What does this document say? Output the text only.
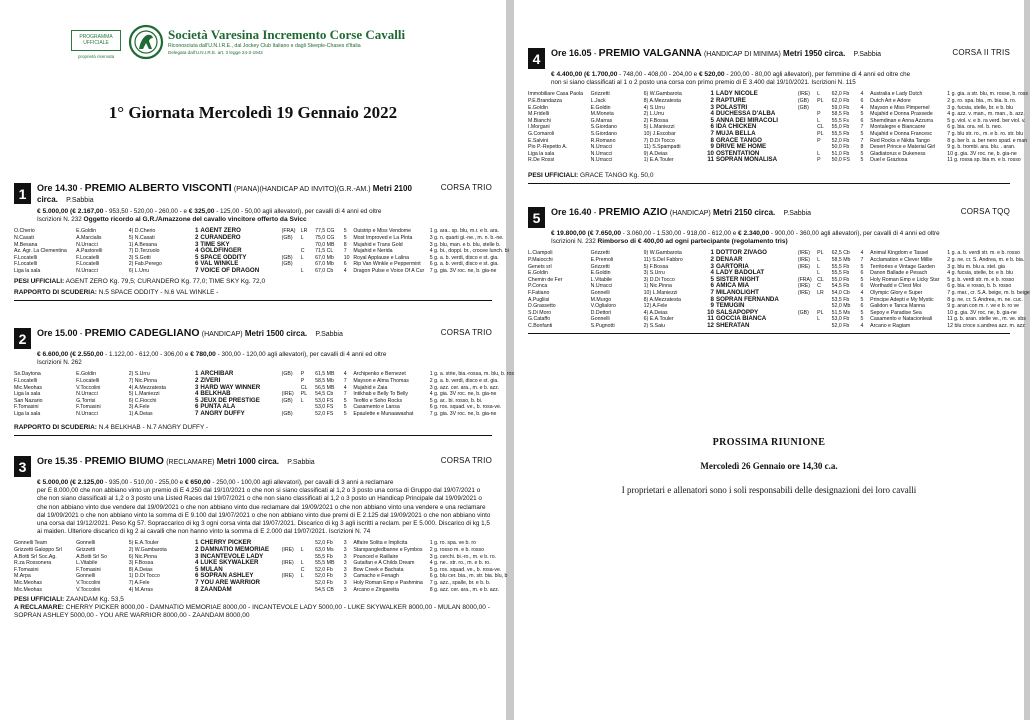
PROGRAMMA UFFICIALE
proprietà riservata
Società Varesina Incremento Corse Cavalli
Riconosciuta dall'U.N.I.R.E., dal Jockey Club Italiano e dagli Steeple-Chases d'Italia
Delegata dall'U.N.I.R.E. art. 3 legge 24-3-1942
1° Giornata Mercoledì 19 Gennaio 2022
1	Ore 14.30 - PREMIO ALBERTO VISCONTI (PIANA)(HANDICAP AD INVITO)(G.R.-AM.) Metri 2100 circa. P.Sabbia
CORSA TRIO
€ 5.000,00 (€ 2.167,00 - 953,50 - 520,00 - 260,00 - e € 325,00 - 125,00 - 50,00 agli allevatori), per cavalli di 4 anni ed oltre
Iscrizioni N. 232 Oggetto ricordo al G.R./Amazzone del cavallo vincitore offerto da Svicc
O.Cherio	E.Goldin	4) D.Cherio	1	AGENT ZERO	(FRA)	LR	77,5 CG	5	Ouistrip e Miss Vendome	1 g. ara.. sp. blu, m.r. e b. ara.
N.Casati	A.Marcialis	5) N.Casati	2	CURANDERO	(GB)	L	75,0 CG	5	Most Improved e La Pinta	3 g. n. quarti gi.-ne., m. n. b.-ne.
M.Besana	N.Urracci	1) A.Besana	3	TIME SKY			70,0 MB	8	Mujahid e Trans Gold	3 g. blu, man. e b. blu, stelle b.
Az. Agr. La Clementina	A.Pastorelli	7) D.Terzuolo	4	GOLDFINGER		C	71,5 CL	7	Mujahid e Nerida	4 g. bi., doppi. br., crocee lunch. bi
F.Locatelli	F.Locatelli	3) S.Gotti	5	SPACE ODDITY	(GB)	L	67,0 Mb	10	Royal Applause e Lalina	5 g. a. b. verdi, disco e st. gia.
F.Locatelli	F.Locatelli	2) Fab.Perego	6	VAL WINKLE	(GB)		67,0 Mb	6	Rip Van Winkle e Peppermint	6 g. a. b. verdi, disco e st. gia.
Liga la sala	N.Urracci	6) L.Urru	7	VOICE OF DRAGON		L	67,0 Cb	4	Dragon Pulse e Voice Of A Cur	7 g. gia. 3V roc. ne, b. gia-ne
PESI UFFICIALI: AGENT ZERO Kg. 79,5; CURANDERO Kg. 77,0; TIME SKY Kg. 72,0
RAPPORTO DI SCUDERIA: N.5 SPACE ODDITY - N.6 VAL WINKLE -
2	Ore 15.00 - PREMIO CADEGLIANO (HANDICAP) Metri 1500 circa. P.Sabbia	CORSA TRIO
€ 6.600,00 (€ 2.550,00 - 1.122,00 - 612,00 - 306,00 e € 780,00 - 300,00 - 120,00 agli allevatori), per cavalli di 4 anni ed oltre
Iscrizioni N. 262
Ss.Daytona	E.Goldin	2) S.Urru	1	ARCHIBAR	(GB)	P	61,5 MB	4	Archipenko e Bernezet	1 g. a. strie, bia.-rossa, m. blu, b. ros
F.Locatelli	F.Locatelli	7) Nic.Pinna	2	ZIVERI		P	58,5 Mb	7	Mayson e Alma Thomas	2 g. a. b. verdi, disco e st. gia.
Mic.Meohas	V.Toccolini	4) A.Mezzatesta	3	HARD WAY WINNER		CL	56,5 MB	4	Mujahid e Zaia	3 g. azz. cer. ara., m. e b. azz.
Liga la sala	N.Urracci	5) L.Maniezzi	4	BELKHAB	(IRE)	PL	54,5 Cb	7	Intikhab e Belly To Belly	4 g. gia. 3V roc. ne, b. gia-ne
San Nazario	G.Torrisi	6) C.Fiocchi	5	JEUX DE PRESTIGE	(GB)	L	53,0 FS	5	Teofilo e Soho Rocks	5 g. ar.. bi. rosso, b. bi.
F.Tomasini	F.Tomasini	3) A.Fele	6	PUNTA ALA			53,0 FS	5	Casamento e Lansa	6 g. ros. squad. ve., b. rosa-ve.
Liga la sala	N.Urracci	1) A.Deias	7	ANGRY DUFFY	(GB)		52,0 FS	5	Epaulette e Munaawashat	7 g. gia. 3V roc. ne, b. gia-ne
RAPPORTO DI SCUDERIA: N.4 BELKHAB - N.7 ANGRY DUFFY -
3	Ore 15.35 - PREMIO BIUMO (RECLAMARE) Metri 1000 circa. P.Sabbia	CORSA TRIO
€ 5.000,00 (€ 2.125,00 - 935,00 - 510,00 - 255,00 e € 650,00 - 250,00 - 100,00 agli allevatori), per cavalli di 3 anni a reclamare
per E 8.000,00 che non abbiano vinto un premio di E 4.250 dal 19/10/2021 o che non si siano classificati al 1,2 o 3 posto una corsa di Gruppo dal 19/07/2021 o che non siano classificati al 1,2 o 3 posto una Listed Races dal 19/07/2021 o che non siano classificati al 1,2 o 3 posto un Handicap Principale dal 19/09/2021 o che non abbiano vinto due vendere dal 19/09/2021 o che non abbiano vinto due reclamare dal 19/09/2021 o che non abbiano vinto una vendere e una reclamare dal 19/09/2021 o che non abbiano vinto la somma di E 9.100 dal 19/07/2021 o che non abbiano vinto due premi di E 2.125 dal 19/09/2021 o che non abbiano vinto una corsa dal 19/12/2021. Peso Kg 57. Sopraccarico di kg 3 ogni corsa vinta dal 19/07/2021. Discarico di kg 3 agli iscritti a reclam. per E 5.000. Discarico di kg 1,5 ai maiden. Ulteriore discarico di kg 2 ai cavalli che non hanno vinto la somma di E 2.000 dal 19/07/2021. Iscrizioni N. 74
Gonnelli Team	Gonnelli	5) E.A.Touler	1	CHERRY PICKER			52,0 Fb	3	Affaire Solita e Implicita	1 g. ro. spa. ve b. ro
Grizzetti Galoppo Srl	Grizzetti	2) W.Gambarota	2	DAMNATIO MEMORIAE	(IRE)	L	63,0 Ms	3	Starspangledbanne e Fymbos	2 g. rosso m. e b. rosso
A.Botti Srl Soc.Ag.	A.Botti Srl So	6) Nic.Pinna	3	INCANTEVOLE LADY			55,5 Fb	3	Pounced e Raillaire	3 g. cerchi. bi.-ro., m. e b. ro.
R.za Rossonera	L.Vitabile	3) F.Bossa	4	LUKE SKYWALKER	(IRE)	L	55,5 MB	3	Gutaifan e A Childs Dream	4 g. ne.. str. ro., m. e b. ro.
F.Tomasini	F.Tomasini	8) A.Deias	5	MULAN		C	52,0 Fb	3	Bow Creek e Bachata	5 g. ros. squad. ve., b. rosa-ve.
M.Arpa	Gonnelli	1) D.Di Tocco	6	SOPRAN ASHLEY	(IRE)	L	52,0 Fb	3	Camacho e Fenagh	6 g. blu cer. bia., m. str. bia. blu, b
Mic.Meohas	V.Toccolini	7) A.Fele	7	YOU ARE WARRIOR			52,0 Fb	3	Holy Roman Emp e Pashmina	7 g. azz., spalle, br. e b. b.
Mic.Meohas	V.Toccolini	4) M.Arras	8	ZAANDAM			54,5 CB	3	Arcano e Zingaretta	8 g. azz. cer. ara., m. e b. azz.
PESI UFFICIALI: ZAANDAM Kg. 53,5
A RECLAMARE: CHERRY PICKER 8000,00 - DAMNATIO MEMORIAE 8000,00 - INCANTEVOLE LADY 5000,00 - LUKE SKYWALKER 8000,00 - MULAN 8000,00 - SOPRAN ASHLEY 5000,00 - YOU ARE WARRIOR 8000,00 - ZAANDAM 8000,00
4	Ore 16.05 - PREMIO VALGANNA (HANDICAP DI MINIMA) Metri 1950 circa. P.Sabbia	CORSA II TRIS
€ 4.400,00 (€ 1.700,00 - 748,00 - 408,00 - 204,00 e € 520,00 - 200,00 - 80,00 agli allevatori), per femmine di 4 anni ed oltre che
non si siano classificati al 1 o 2 posto una corsa con primo premio di E 3.400 dal 19/10/2021. Iscrizioni N. 115
Immobiliare Casa Paola	Grizzetti	6) W.Gambarota	1	LADY NICOLE	(IRE)	L	62,0 Fb	4	Australia e Lady Dutch	1 g. gia. a str. blu, m. rosse, b. ross
P.E.Brandazza	L.Jack	8) A.Mezzatesta	2	RAPTURE	(GB)	PL	62,0 Fb	6	Dutch Art e Adore	2 g. ro. spa. bia., m. bia. b. ro.
E.Goldin	E.Goldin	4) S.Urru	3	POLASTRI	(GB)		59,0 Fb	4	Mayson e Miss Pimpernel	3 g. fucsia, stelle, br. e b. blu
M.Fridelli	M.Moneta	2) L.Urru	4	DUCHESSA D'ALBA		P	58,5 Fb	5	Mujahid e Donna Praxsede	4 g. azz. v. man., m. man., b. azz.
M.Bianchi	G.Marras	2) F.Bossa	5	ANNA DEI MIRACOLI		L	55,5 Fs	6	Shemdinan e Anna Azzurra	5 g. viol. v. e b. ra verd. ber viol. v.
I.Morgani	S.Giordano	5) L.Maniezzi	6	IDA CHICKEN		CL	55,0 Fb	7	Montalegre e Biancaore	6 g. bia. ora. rel. b. neo.
G.Comaroli	S.Giordano	10) J.Escobar	7	MUJA BELLA		PL	55,5 Fb	5	Mujahid e Donna Francesc	7 g. blu str. ro., m. e b. ro. str. blu
E.Salvini	R.Romano	7) D.Di Tocco	8	GRACE TANGO		P	52,0 Fb	7	Red Rocks e Nikita Tango	8 g. ber b. a. ber nero spad. e man
Pio P.-Repetto A.	N.Urracci	11) S.Spampatti	9	DRIVE ME HOME			50,0 Fb	8	Desert Prince e Material Girl	9 g. b. trombi. ara. blu. . aran.
Liga la sala	N.Urracci	9) A.Deias	10	OSTENTATION		L	51,0 Fb	5	Gladiatorus e Dukeness	10 g. gia. 3V roc. ne, b. gia-ne
R.De Rossi	N.Urracci	1) E.A.Touler	11	SOPRAN MONALISA		P	50,0 FS	5	Duel e Graziosa	11 g. rossa sp. bia m. e b. rosso
PESI UFFICIALI: GRACE TANGO Kg. 50,0
5	Ore 16.40 - PREMIO AZIO (HANDICAP) Metri 2150 circa. P.Sabbia	CORSA TQQ
€ 19.800,00 (€ 7.650,00 - 3.060,00 - 1.530,00 - 918,00 - 612,00 e € 2.340,00 - 900,00 - 360,00 agli allevatori), per cavalli di 4 anni ed oltre
Iscrizioni N. 232 Rimborso di € 400,00 ad ogni partecipante (regolamento tris)
L.Ciampoli	Grizzetti	9) W.Gambarota	1	DOTTOR ZIVAGO	(IRE)	PL	62,5 Cb	4	Animal Kingdom e Tassel	1 g. a. b. verdi str. m. e b. rosso
P.Maiocchi	E.Premoli	11) S.Del Fabbro	2	DENAAR	(IRE)	L	58,5 Mb	7	Acclamation e Clever Millie	2 g. ne. cr. S. Andrea, m. e b. bia.
Genets srl	Grizzetti	5) F.Bossa	3	GARTORIA	(IRE)	L	55,5 Fb	5	Territories e Vintage Garden	3 g. blu m. blu a. stel. gia
E.Goldin	E.Goldin	3) S.Urru	4	LADY BADOLAT		L	55,5 Fb	6	Danon Ballade e Pesach	4 g. fucsia, stelle, br. e b. blu
Chemin de Fer	L.Vitabile	3) D.Di Tocco	5	SISTER NIGHT	(FRA)	CL	55,0 Fb	5	Holy Roman Emp e Licky Star	5 g. b. verdi str. m. e b. rosso
P.Conca	N.Urracci	1) Nic.Pinna	6	AMICA MIA	(IRE)	C	54,5 Fb	6	Worthadd e C'lest Moi	6 g. bia. e rosso, b. b. rosso
F.Fatiano	Gonnelli	10) L.Maniezzi	7	MILANOLIGHT	(IRE)	LR	54,0 Cb	4	Olympic Glory e Super	7 g. mar., cr. S.A. beige, m. b. beige
A.Pugliisi	M.Murgo	8) A.Mezzatesta	8	SOPRAN FERNANDA			53,5 Fb	5	Principe Adepti e My Mystic	8 g. ne. cr. S.Andrea, m. ne. cuc.
D.Grassetto	V.Oglialoro	12) A.Fele	9	TEMUGIN			52,0 Mb	6	Galidon e Tanca Manna	9 g. aran con m. r. ve e b. ro ve
S.Di Moro	D.Dettori	4) A.Deias	10	SALSAPOPPY	(GB)	PL	51,5 Ms	5	Sepoy e Paradise Sea	10 g. gia. 3V roc. ne, b. gia-ne
G.Cataffo	Gonnelli	6) E.A.Touler	11	GOCCIA BIANCA		L	53,0 Fb	5	Casamento e Natacionleali	11 g. b. aran. stelle ve., m. ve. sbs
C.Bonfanti	S.Pugnotti	2) S.Saiu	12	SHERATAN			52,0 Fb	4	Arcano e Ragiam	12 blu croce s.andrea azz. m. azz
PROSSIMA RIUNIONE
Mercoledì 26 Gennaio ore 14,30 c.a.
I proprietari e allenatori sono i soli responsabili delle designazioni dei loro cavalli
